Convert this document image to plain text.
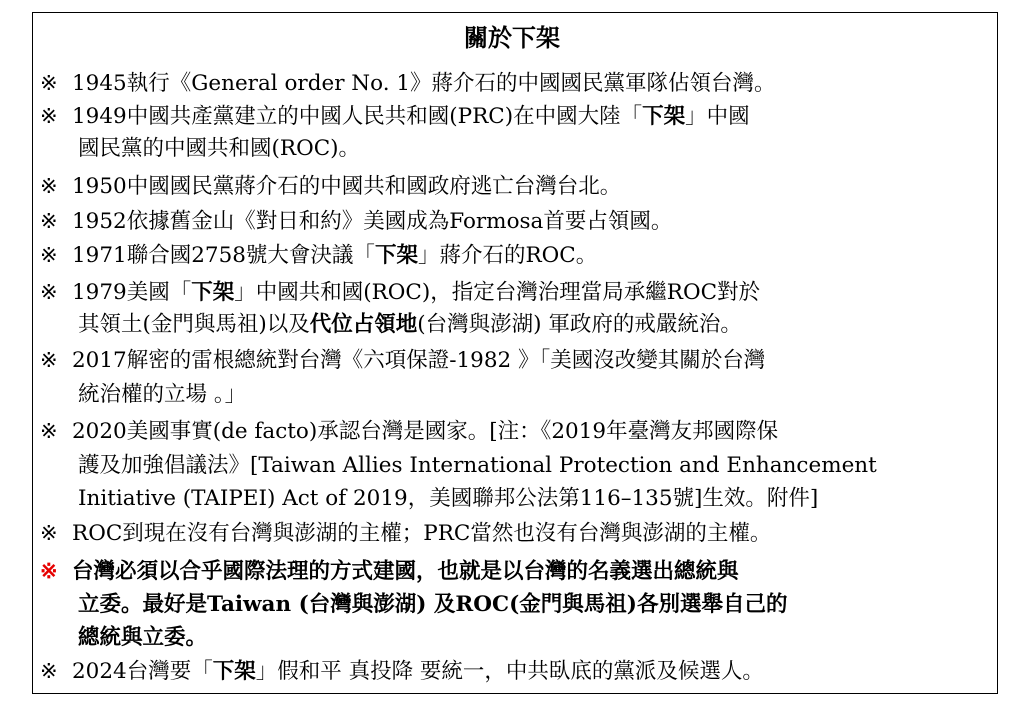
關於下架
※ 1945執行《General order No. 1》蔣介石的中國國民黨軍隊佔領台灣。
※ 1949中國共產黨建立的中國人民共和國(PRC)在中國大陸「下架」中國
國民黨的中國共和國(ROC)。
※ 1950中國國民黨蔣介石的中國共和國政府逃亡台灣台北。
※ 1952依據舊金山《對日和約》美國成為Formosa首要占領國。
※ 1971聯合國2758號大會決議「下架」蔣介石的ROC。
※ 1979美國「下架」中國共和國(ROC)，指定台灣治理當局承繼ROC對於
其領土(金門與馬祖)以及代位占領地(台灣與澎湖) 軍政府的戒嚴統治。
※ 2017解密的雷根總統對台灣《六項保證-1982 》「美國沒改變其關於台灣
統治權的立場 。」
※ 2020美國事實(de facto)承認台灣是國家。[注：《2019年臺灣友邦國際保
護及加強倡議法》[Taiwan Allies International Protection and Enhancement
Initiative (TAIPEI) Act of 2019，美國聯邦公法第116–135號]生效。附件]
※ ROC到現在沒有台灣與澎湖的主權；PRC當然也沒有台灣與澎湖的主權。
※ 台灣必須以合乎國際法理的方式建國，也就是以台灣的名義選出總統與
立委。最好是Taiwan (台灣與澎湖) 及ROC(金門與馬祖)各別選舉自己的
總統與立委。
※ 2024台灣要「下架」假和平 真投降 要統一，中共臥底的黨派及候選人。
